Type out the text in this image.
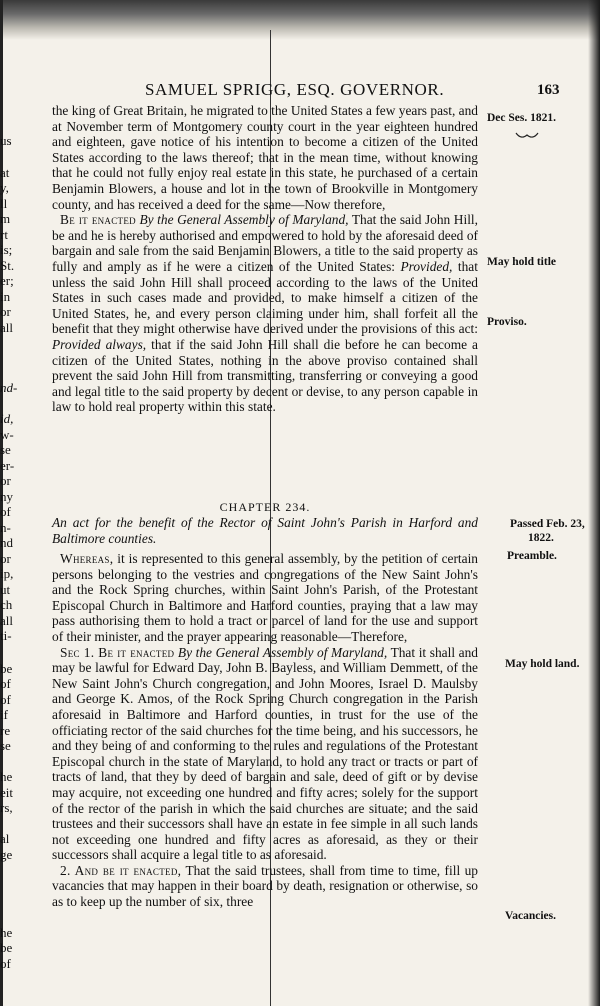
SAMUEL SPRIGG, ESQ. GOVERNOR.	163
us
at
y,
ll
m
rt
is;
St.
er;
in
or
all
nd-
id,
w-
se
er-
or
ny
of
n-
nd
or
ip,
ut
ch
all
ti-
be
of
of
if
re
se
he
eit
rs,
al
ge
he
be
of

the king of Great Britain, he migrated to the United States a few years past, and at November term of Montgomery county court in the year eighteen hundred and eighteen, gave notice of his intention to become a citizen of the United States according to the laws thereof; that in the mean time, without knowing that he could not fully enjoy real estate in this state, he purchased of a certain Benjamin Blowers, a house and lot in the town of Brookville in Montgomery county, and has received a deed for the same—Now therefore,

Be it enacted By the General Assembly of Maryland, That the said John Hill, be and he is hereby authorised and empowered to hold by the aforesaid deed of bargain and sale from the said Benjamin Blowers, a title to the said property as fully and amply as if he were a citizen of the United States: Provided, that unless the said John Hill shall proceed according to the laws of the United States in such cases made and provided, to make himself a citizen of the United States, he, and every person claiming under him, shall forfeit all the benefit that they might otherwise have derived under the provisions of this act: Provided always, that if the said John Hill shall die before he can become a citizen of the United States, nothing in the above proviso contained shall prevent the said John Hill from transmitting, transferring or conveying a good and legal title to the said property by decent or devise, to any person capable in law to hold real property within this state.

Dec Ses. 1821.
May hold title
Proviso.
Passed Feb. 23,
1822.
Preamble.
May hold land.
Vacancies.
CHAPTER 234.
An act for the benefit of the Rector of Saint John's Parish in Harford and Baltimore counties.

Whereas, it is represented to this general assembly, by the petition of certain persons belonging to the vestries and congregations of the New Saint John's and the Rock Spring churches, within Saint John's Parish, of the Protestant Episcopal Church in Baltimore and Harford counties, praying that a law may pass authorising them to hold a tract or parcel of land for the use and support of their minister, and the prayer appearing reasonable—Therefore,

Sec 1. Be it enacted By the General Assembly of Maryland, That it shall and may be lawful for Edward Day, John B. Bayless, and William Demmett, of the New Saint John's Church congregation, and John Moores, Israel D. Maulsby and George K. Amos, of the Rock Spring Church congregation in the Parish aforesaid in Baltimore and Harford counties, in trust for the use of the officiating rector of the said churches for the time being, and his successors, he and they being of and conforming to the rules and regulations of the Protestant Episcopal church in the state of Maryland, to hold any tract or tracts or part of tracts of land, that they by deed of bargain and sale, deed of gift or by devise may acquire, not exceeding one hundred and fifty acres; solely for the support of the rector of the parish in which the said churches are situate; and the said trustees and their successors shall have an estate in fee simple in all such lands not exceeding one hundred and fifty acres as aforesaid, as they or their successors shall acquire a legal title to as aforesaid.

2. And be it enacted, That the said trustees, shall from time to time, fill up vacancies that may happen in their board by death, resignation or otherwise, so as to keep up the number of six, three
